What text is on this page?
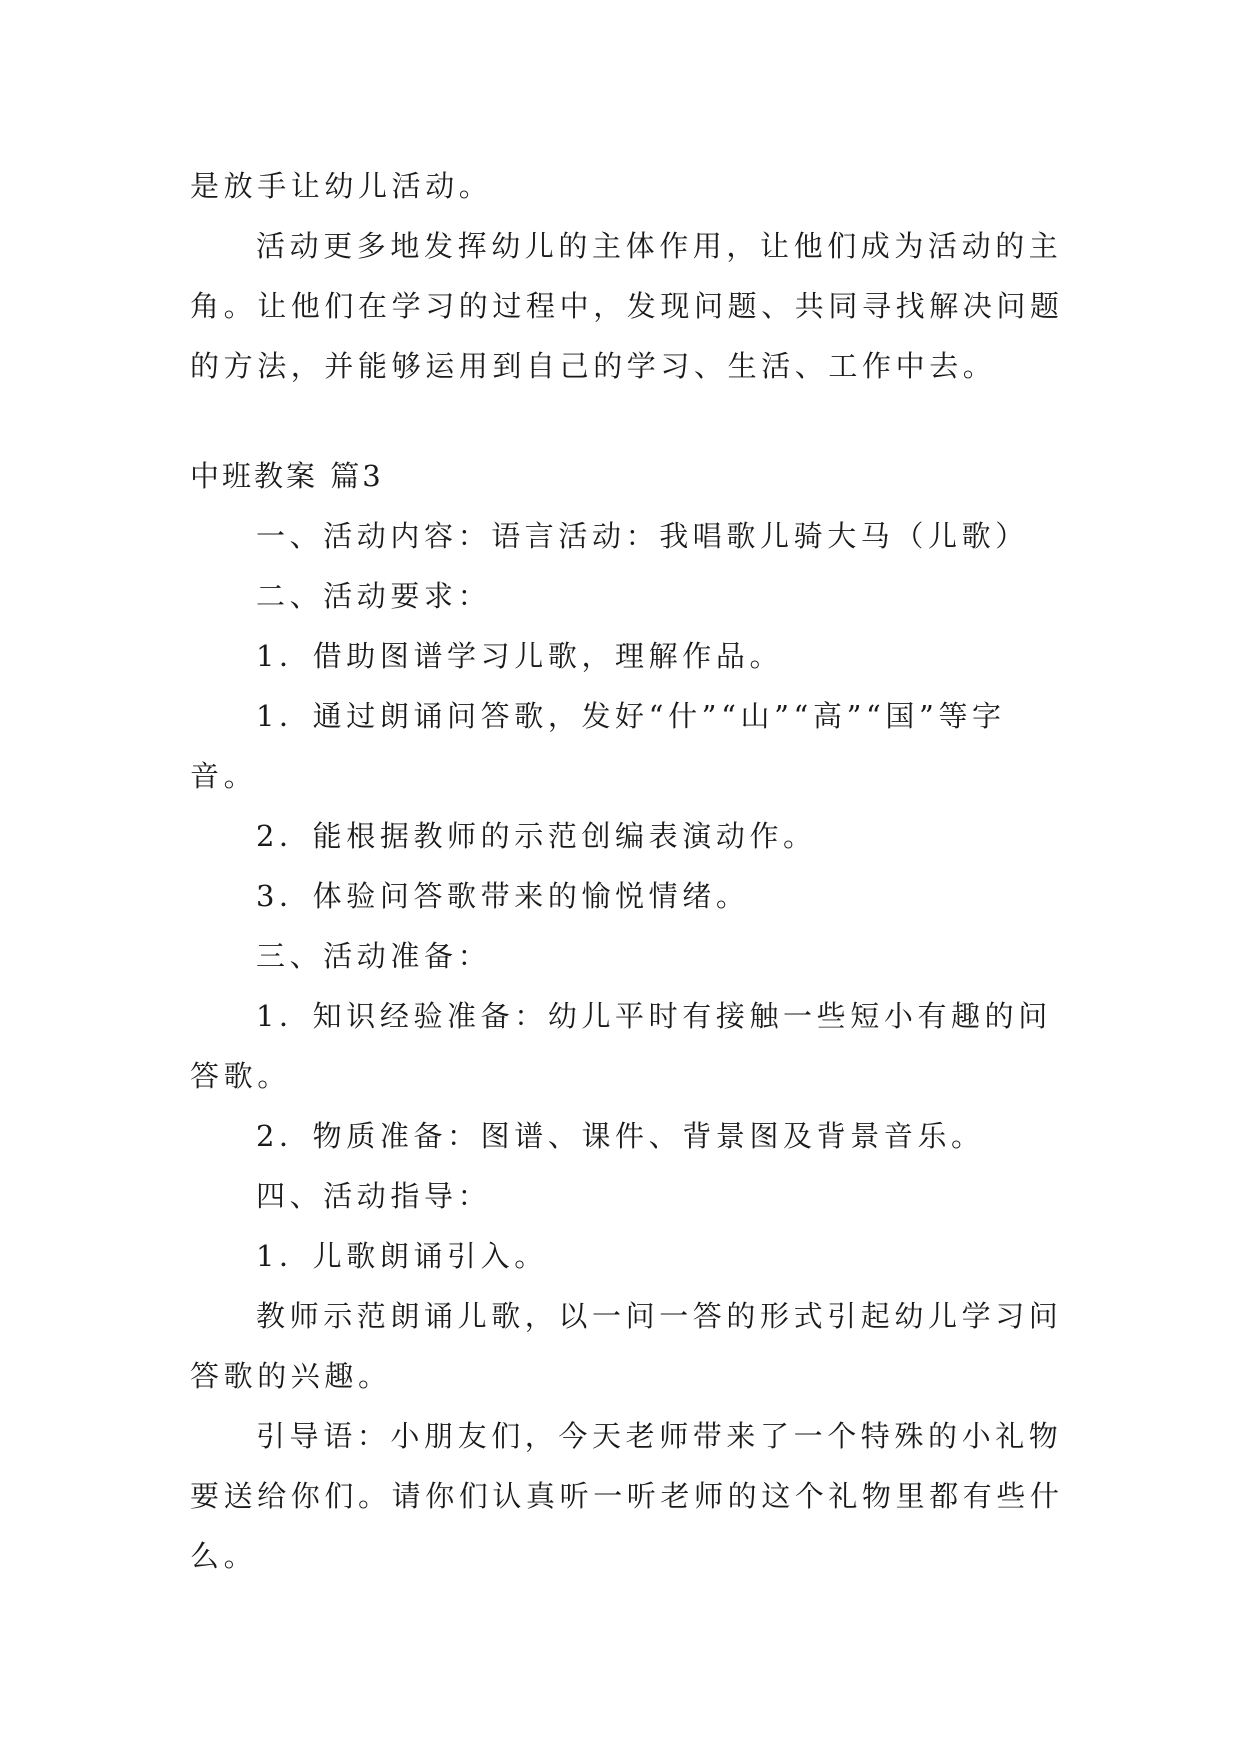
是放手让幼儿活动。
活动更多地发挥幼儿的主体作用，让他们成为活动的主
角。让他们在学习的过程中，发现问题、共同寻找解决问题
的方法，并能够运用到自己的学习、生活、工作中去。
中班教案 篇3
一、活动内容：语言活动：我唱歌儿骑大马（儿歌）
二、活动要求：
1．借助图谱学习儿歌，理解作品。
1．通过朗诵问答歌，发好“什”“山”“高”“国”等字
音。
2．能根据教师的示范创编表演动作。
3．体验问答歌带来的愉悦情绪。
三、活动准备：
1．知识经验准备：幼儿平时有接触一些短小有趣的问
答歌。
2．物质准备：图谱、课件、背景图及背景音乐。
四、活动指导：
1．儿歌朗诵引入。
教师示范朗诵儿歌，以一问一答的形式引起幼儿学习问
答歌的兴趣。
引导语：小朋友们，今天老师带来了一个特殊的小礼物
要送给你们。请你们认真听一听老师的这个礼物里都有些什
么。
